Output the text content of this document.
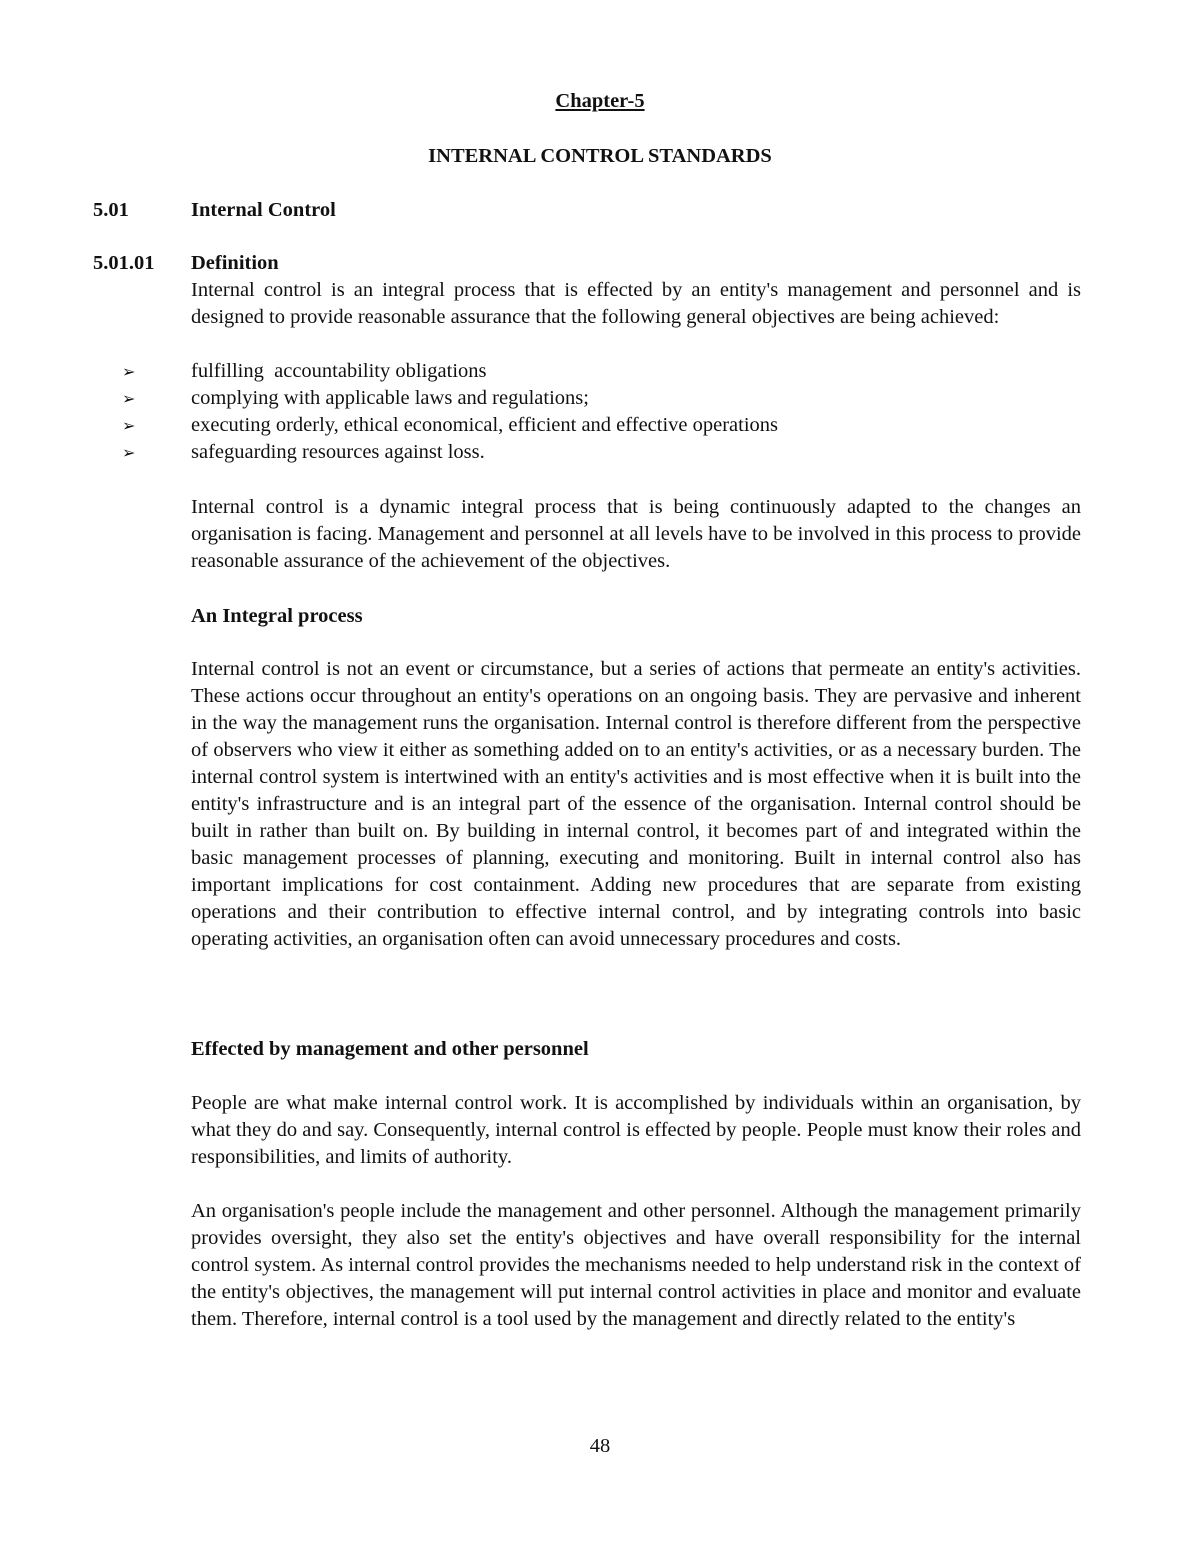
Chapter-5
INTERNAL CONTROL STANDARDS
5.01	Internal Control
5.01.01 Definition
Internal control is an integral process that is effected by an entity's management and personnel and is designed to provide reasonable assurance that the following general objectives are being achieved:
➢	fulfilling  accountability obligations
➢	complying with applicable laws and regulations;
➢	executing orderly, ethical economical, efficient and effective operations
➢	safeguarding resources against loss.
Internal control is a dynamic integral process that is being continuously adapted to the changes an organisation is facing. Management and personnel at all levels have to be involved in this process to provide reasonable assurance of the achievement of the objectives.
An Integral process
Internal control is not an event or circumstance, but a series of actions that permeate an entity's activities. These actions occur throughout an entity's operations on an ongoing basis. They are pervasive and inherent in the way the management runs the organisation. Internal control is therefore different from the perspective of observers who view it either as something added on to an entity's activities, or as a necessary burden. The internal control system is intertwined with an entity's activities and is most effective when it is built into the entity's infrastructure and is an integral part of the essence of the organisation. Internal control should be built in rather than built on. By building in internal control, it becomes part of and integrated within the basic management processes of planning, executing and monitoring. Built in internal control also has important implications for cost containment. Adding new procedures that are separate from existing operations and their contribution to effective internal control, and by integrating controls into basic operating activities, an organisation often can avoid unnecessary procedures and costs.
Effected by management and other personnel
People are what make internal control work. It is accomplished by individuals within an organisation, by what they do and say. Consequently, internal control is effected by people. People must know their roles and responsibilities, and limits of authority.
An organisation's people include the management and other personnel. Although the management primarily provides oversight, they also set the entity's objectives and have overall responsibility for the internal control system. As internal control provides the mechanisms needed to help understand risk in the context of the entity's objectives, the management will put internal control activities in place and monitor and evaluate them. Therefore, internal control is a tool used by the management and directly related to the entity's
48
